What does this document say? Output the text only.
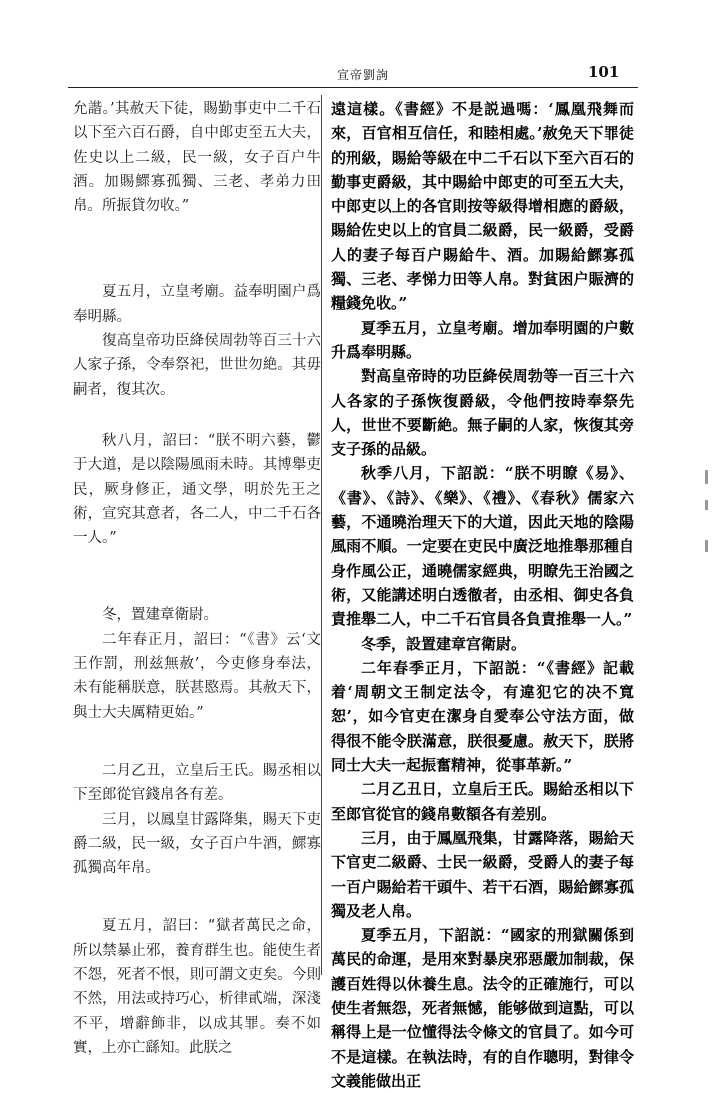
宣帝劉詢	101

允諧。’其赦天下徒，賜勤事吏中二千石以下至六百石爵，自中郎吏至五大夫，佐史以上二級，民一級，女子百户牛酒。加賜鰥寡孤獨、三老、孝弟力田帛。所振貸勿收。”

夏五月，立皇考廟。益奉明園户爲奉明縣。

復高皇帝功臣絳侯周勃等百三十六人家子孫，令奉祭祀，世世勿絶。其毋嗣者，復其次。

秋八月，詔曰：“朕不明六藝，鬱于大道，是以陰陽風雨未時。其博舉吏民，厥身修正，通文學，明於先王之術，宣究其意者，各二人，中二千石各一人。”

冬，置建章衛尉。

二年春正月，詔曰：“《書》云‘文王作罰，刑兹無赦’，今吏修身奉法，未有能稱朕意，朕甚愍焉。其赦天下，與士大夫厲精更始。”

二月乙丑，立皇后王氏。賜丞相以下至郎從官錢帛各有差。

三月，以鳳皇甘露降集，賜天下吏爵二級，民一級，女子百户牛酒，鰥寡孤獨高年帛。

夏五月，詔曰：“獄者萬民之命，所以禁暴止邪，養育群生也。能使生者不怨，死者不恨，則可謂文吏矣。今則不然，用法或持巧心，析律貳端，深淺不平，增辭飾非，以成其罪。奏不如實，上亦亡繇知。此朕之

遠這樣。《書經》不是説過嗎：‘鳳凰飛舞而來，百官相互信任，和睦相處。’赦免天下罪徒的刑級，賜給等級在中二千石以下至六百石的勤事吏爵級，其中賜給中郎吏的可至五大夫，中郎吏以上的各官則按等級得增相應的爵級，賜給佐史以上的官員二級爵，民一級爵，受爵人的妻子每百户賜給牛、酒。加賜給鰥寡孤獨、三老、孝悌力田等人帛。對貧困户賑濟的糧錢免收。”

夏季五月，立皇考廟。增加奉明園的户數升爲奉明縣。

對高皇帝時的功臣絳侯周勃等一百三十六人各家的子孫恢復爵級，令他們按時奉祭先人，世世不要斷絶。無子嗣的人家，恢復其旁支子孫的品級。

秋季八月，下詔説：“朕不明瞭《易》、《書》、《詩》、《樂》、《禮》、《春秋》儒家六藝，不通曉治理天下的大道，因此天地的陰陽風雨不順。一定要在吏民中廣泛地推舉那種自身作風公正，通曉儒家經典，明瞭先王治國之術，又能講述明白透徹者，由丞相、御史各負責推舉二人，中二千石官員各負責推舉一人。”

冬季，設置建章宫衛尉。

二年春季正月，下詔説：“《書經》記載着‘周朝文王制定法令，有違犯它的决不寬恕’，如今官吏在潔身自愛奉公守法方面，做得很不能令朕滿意，朕很憂慮。赦天下，朕將同士大夫一起振奮精神，從事革新。”

二月乙丑日，立皇后王氏。賜給丞相以下至郎官從官的錢帛數額各有差别。

三月，由于鳳凰飛集，甘露降落，賜給天下官吏二級爵、士民一級爵，受爵人的妻子每一百户賜給若干頭牛、若干石酒，賜給鰥寡孤獨及老人帛。

夏季五月，下詔説：“國家的刑獄關係到萬民的命運，是用來對暴戾邪惡嚴加制裁，保護百姓得以休養生息。法令的正確施行，可以使生者無怨，死者無憾，能够做到這點，可以稱得上是一位懂得法令條文的官員了。如今可不是這樣。在執法時，有的自作聰明，對律令文義能做出正
